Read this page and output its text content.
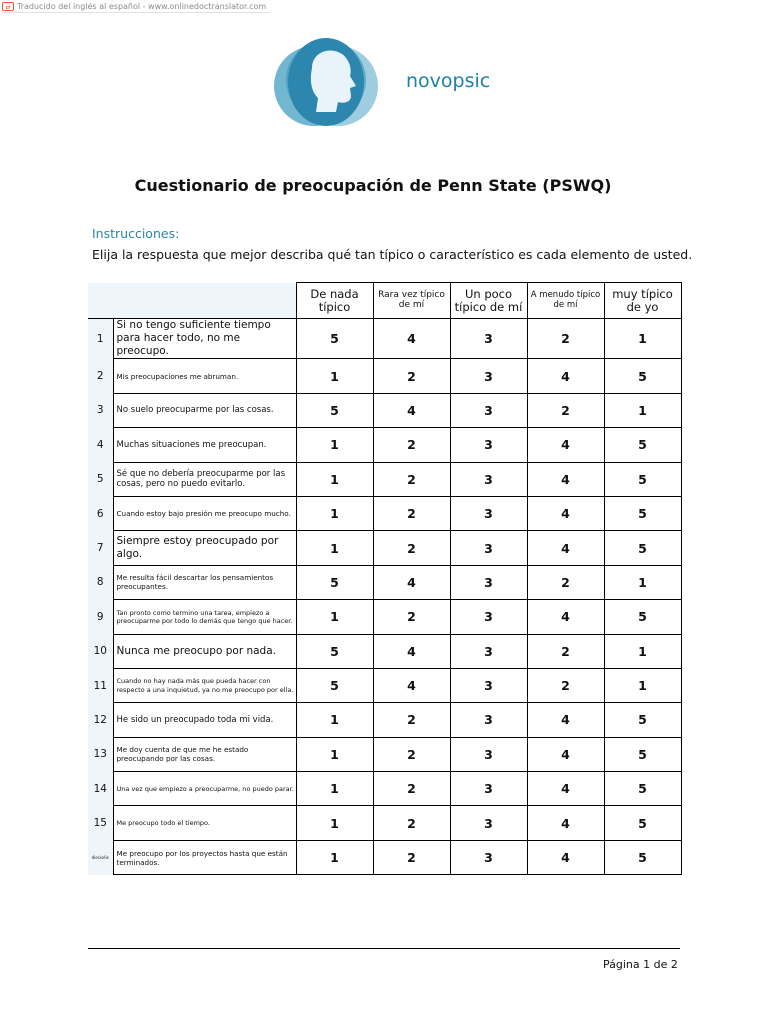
⇄ Traducido del inglés al español - www.onlinedoctranslator.com
novopsic
Cuestionario de preocupación de Penn State (PSWQ)
Instrucciones:
Elija la respuesta que mejor describa qué tan típico o característico es cada elemento de usted.
		De nada típico	Rara vez típico de mí	Un poco típico de mí	A menudo típico de mí	muy típico de yo
1	Si no tengo suficiente tiempo para hacer todo, no me preocupo.	5	4	3	2	1
2	Mis preocupaciones me abruman.	1	2	3	4	5
3	No suelo preocuparme por las cosas.	5	4	3	2	1
4	Muchas situaciones me preocupan.	1	2	3	4	5
5	Sé que no debería preocuparme por las cosas, pero no puedo evitarlo.	1	2	3	4	5
6	Cuando estoy bajo presión me preocupo mucho.	1	2	3	4	5
7	Siempre estoy preocupado por algo.	1	2	3	4	5
8	Me resulta fácil descartar los pensamientos preocupantes.	5	4	3	2	1
9	Tan pronto como termino una tarea, empiezo a preocuparme por todo lo demás que tengo que hacer.	1	2	3	4	5
10	Nunca me preocupo por nada.	5	4	3	2	1
11	Cuando no hay nada más que pueda hacer con respecto a una inquietud, ya no me preocupo por ella.	5	4	3	2	1
12	He sido un preocupado toda mi vida.	1	2	3	4	5
13	Me doy cuenta de que me he estado preocupando por las cosas.	1	2	3	4	5
14	Una vez que empiezo a preocuparme, no puedo parar.	1	2	3	4	5
15	Me preocupo todo el tiempo.	1	2	3	4	5
dieciséis	Me preocupo por los proyectos hasta que están terminados.	1	2	3	4	5
Página 1 de 2
